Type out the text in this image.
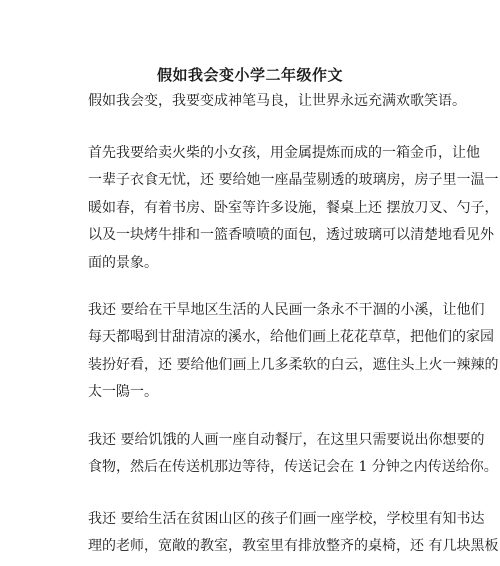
假如我会变小学二年级作文

假如我会变，我要变成神笔马良，让世界永远充满欢歌笑语。

首先我要给卖火柴的小女孩，用金属提炼而成的一箱金币，让他
一辈子衣食无忧，还 要给她一座晶莹剔透的玻璃房，房子里一温一
暖如春，有着书房、卧室等许多设施，餐桌上还 摆放刀叉、勺子，
以及一块烤牛排和一篮香喷喷的面包，透过玻璃可以清楚地看见外
面的景象。

我还 要给在干旱地区生活的人民画一条永不干涸的小溪，让他们
每天都喝到甘甜清凉的溪水，给他们画上花花草草，把他们的家园
装扮好看，还 要给他们画上几多柔软的白云，遮住头上火一辣辣的
太一隝一。

我还 要给饥饿的人画一座自动餐厅，在这里只需要说出你想要的
食物，然后在传送机那边等待，传送记会在 1 分钟之内传送给你。

我还 要给生活在贫困山区的孩子们画一座学校，学校里有知书达
理的老师，宽敞的教室，教室里有排放整齐的桌椅，还 有几块黑板
